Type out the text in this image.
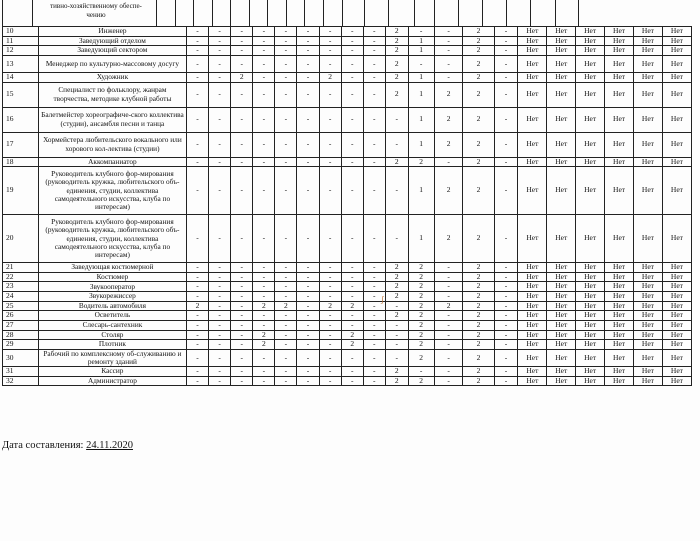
тивно-хозяйственному обеспе-
чению
10	Инженер	-	-	-	-	-	-	-	-	-	2	-	-	2	-	Нет	Нет	Нет	Нет	Нет	Нет
11	Заведующий отделом	-	-	-	-	-	-	-	-	-	2	1	-	2	-	Нет	Нет	Нет	Нет	Нет	Нет
12	Заведующий сектором	-	-	-	-	-	-	-	-	-	2	1	-	2	-	Нет	Нет	Нет	Нет	Нет	Нет
13	Менеджер по культурно-массовому досугу	-	-	-	-	-	-	-	-	-	2	-	-	2	-	Нет	Нет	Нет	Нет	Нет	Нет
14	Художник	-	-	2	-	-	-	2	-	-	2	1	-	2	-	Нет	Нет	Нет	Нет	Нет	Нет
15	Специалист по фольклору, жанрам творчества, методике клубной работы	-	-	-	-	-	-	-	-	-	2	1	2	2	-	Нет	Нет	Нет	Нет	Нет	Нет
16	Балетмейстер хореографиче-ского коллектива (студии), ансамбля песни и танца	-	-	-	-	-	-	-	-	-	-	1	2	2	-	Нет	Нет	Нет	Нет	Нет	Нет
17	Хормейстера любительского вокального или хорового кол-лектива (студии)	-	-	-	-	-	-	-	-	-	-	1	2	2	-	Нет	Нет	Нет	Нет	Нет	Нет
18	Аккомпаниатор	-	-	-	-	-	-	-	-	-	2	2	-	2	-	Нет	Нет	Нет	Нет	Нет	Нет
19	Руководитель клубного фор-мирования (руководитель кружка, любительского объ-единения, студии, коллектива самодеятельного искусства, клуба по интересам)	-	-	-	-	-	-	-	-	-	-	1	2	2	-	Нет	Нет	Нет	Нет	Нет	Нет
20	Руководитель клубного фор-мирования (руководитель кружка, любительского объ-единения, студии, коллектива самодеятельного искусства, клуба по интересам)	-	-	-	-	-	-	-	-	-	-	1	2	2	-	Нет	Нет	Нет	Нет	Нет	Нет
21	Заведующая костюмерной	-	-	-	-	-	-	-	-	-	2	2	-	2	-	Нет	Нет	Нет	Нет	Нет	Нет
22	Костюмер	-	-	-	-	-	-	-	-	-	2	2	-	2	-	Нет	Нет	Нет	Нет	Нет	Нет
23	Звукооператор	-	-	-	-	-	-	-	-	-	2	2	-	2	-	Нет	Нет	Нет	Нет	Нет	Нет
24	Звукорежиссер	-	-	-	-	-	-	-	-	-	2	2	-	2	-	Нет	Нет	Нет	Нет	Нет	Нет
25	Водитель автомобиля	2	-	-	2	2	-	2	2	-	-	2	2	2	-	Нет	Нет	Нет	Нет	Нет	Нет
26	Осветитель	-	-	-	-	-	-	-	-	-	2	2	-	2	-	Нет	Нет	Нет	Нет	Нет	Нет
27	Слесарь-сантехник	-	-	-	-	-	-	-	-	-	-	2	-	2	-	Нет	Нет	Нет	Нет	Нет	Нет
28	Столяр	-	-	-	2	-	-	-	2	-	-	2	-	2	-	Нет	Нет	Нет	Нет	Нет	Нет
29	Плотник	-	-	-	2	-	-	-	2	-	-	2	-	2	-	Нет	Нет	Нет	Нет	Нет	Нет
30	Рабочий по комплексному об-служиванию и ремонту зданий	-	-	-	-	-	-	-	-	-	-	2	-	2	-	Нет	Нет	Нет	Нет	Нет	Нет
31	Кассир	-	-	-	-	-	-	-	-	-	2	-	-	2	-	Нет	Нет	Нет	Нет	Нет	Нет
32	Администратор	-	-	-	-	-	-	-	-	-	2	2	-	2	-	Нет	Нет	Нет	Нет	Нет	Нет
ʃ
Дата составления: 24.11.2020
